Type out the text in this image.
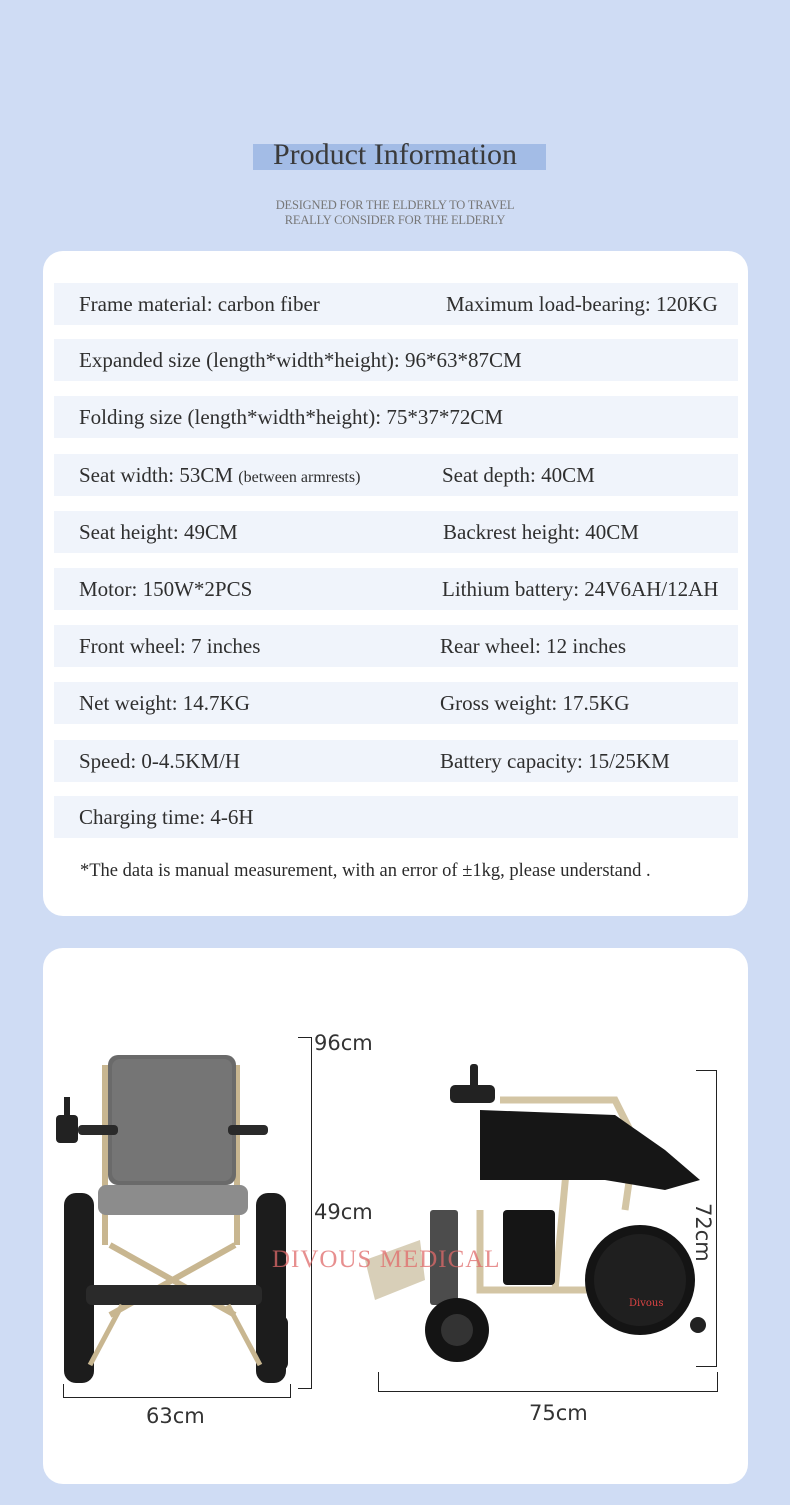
Product Information
DESIGNED FOR THE ELDERLY TO TRAVEL
REALLY CONSIDER FOR THE ELDERLY
Frame material: carbon fiber	Maximum load-bearing: 120KG
Expanded size (length*width*height): 96*63*87CM
Folding size (length*width*height): 75*37*72CM
Seat width: 53CM (between armrests)	Seat depth: 40CM
Seat height: 49CM	Backrest height: 40CM
Motor: 150W*2PCS	Lithium battery: 24V6AH/12AH
Front wheel: 7 inches	Rear wheel: 12 inches
Net weight: 14.7KG	Gross weight: 17.5KG
Speed: 0-4.5KM/H	Battery capacity: 15/25KM
Charging time: 4-6H
*The data is manual measurement, with an error of ±1kg, please understand .
96cm
49cm
63cm
Divous
72cm
75cm
DIVOUS MEDICAL
